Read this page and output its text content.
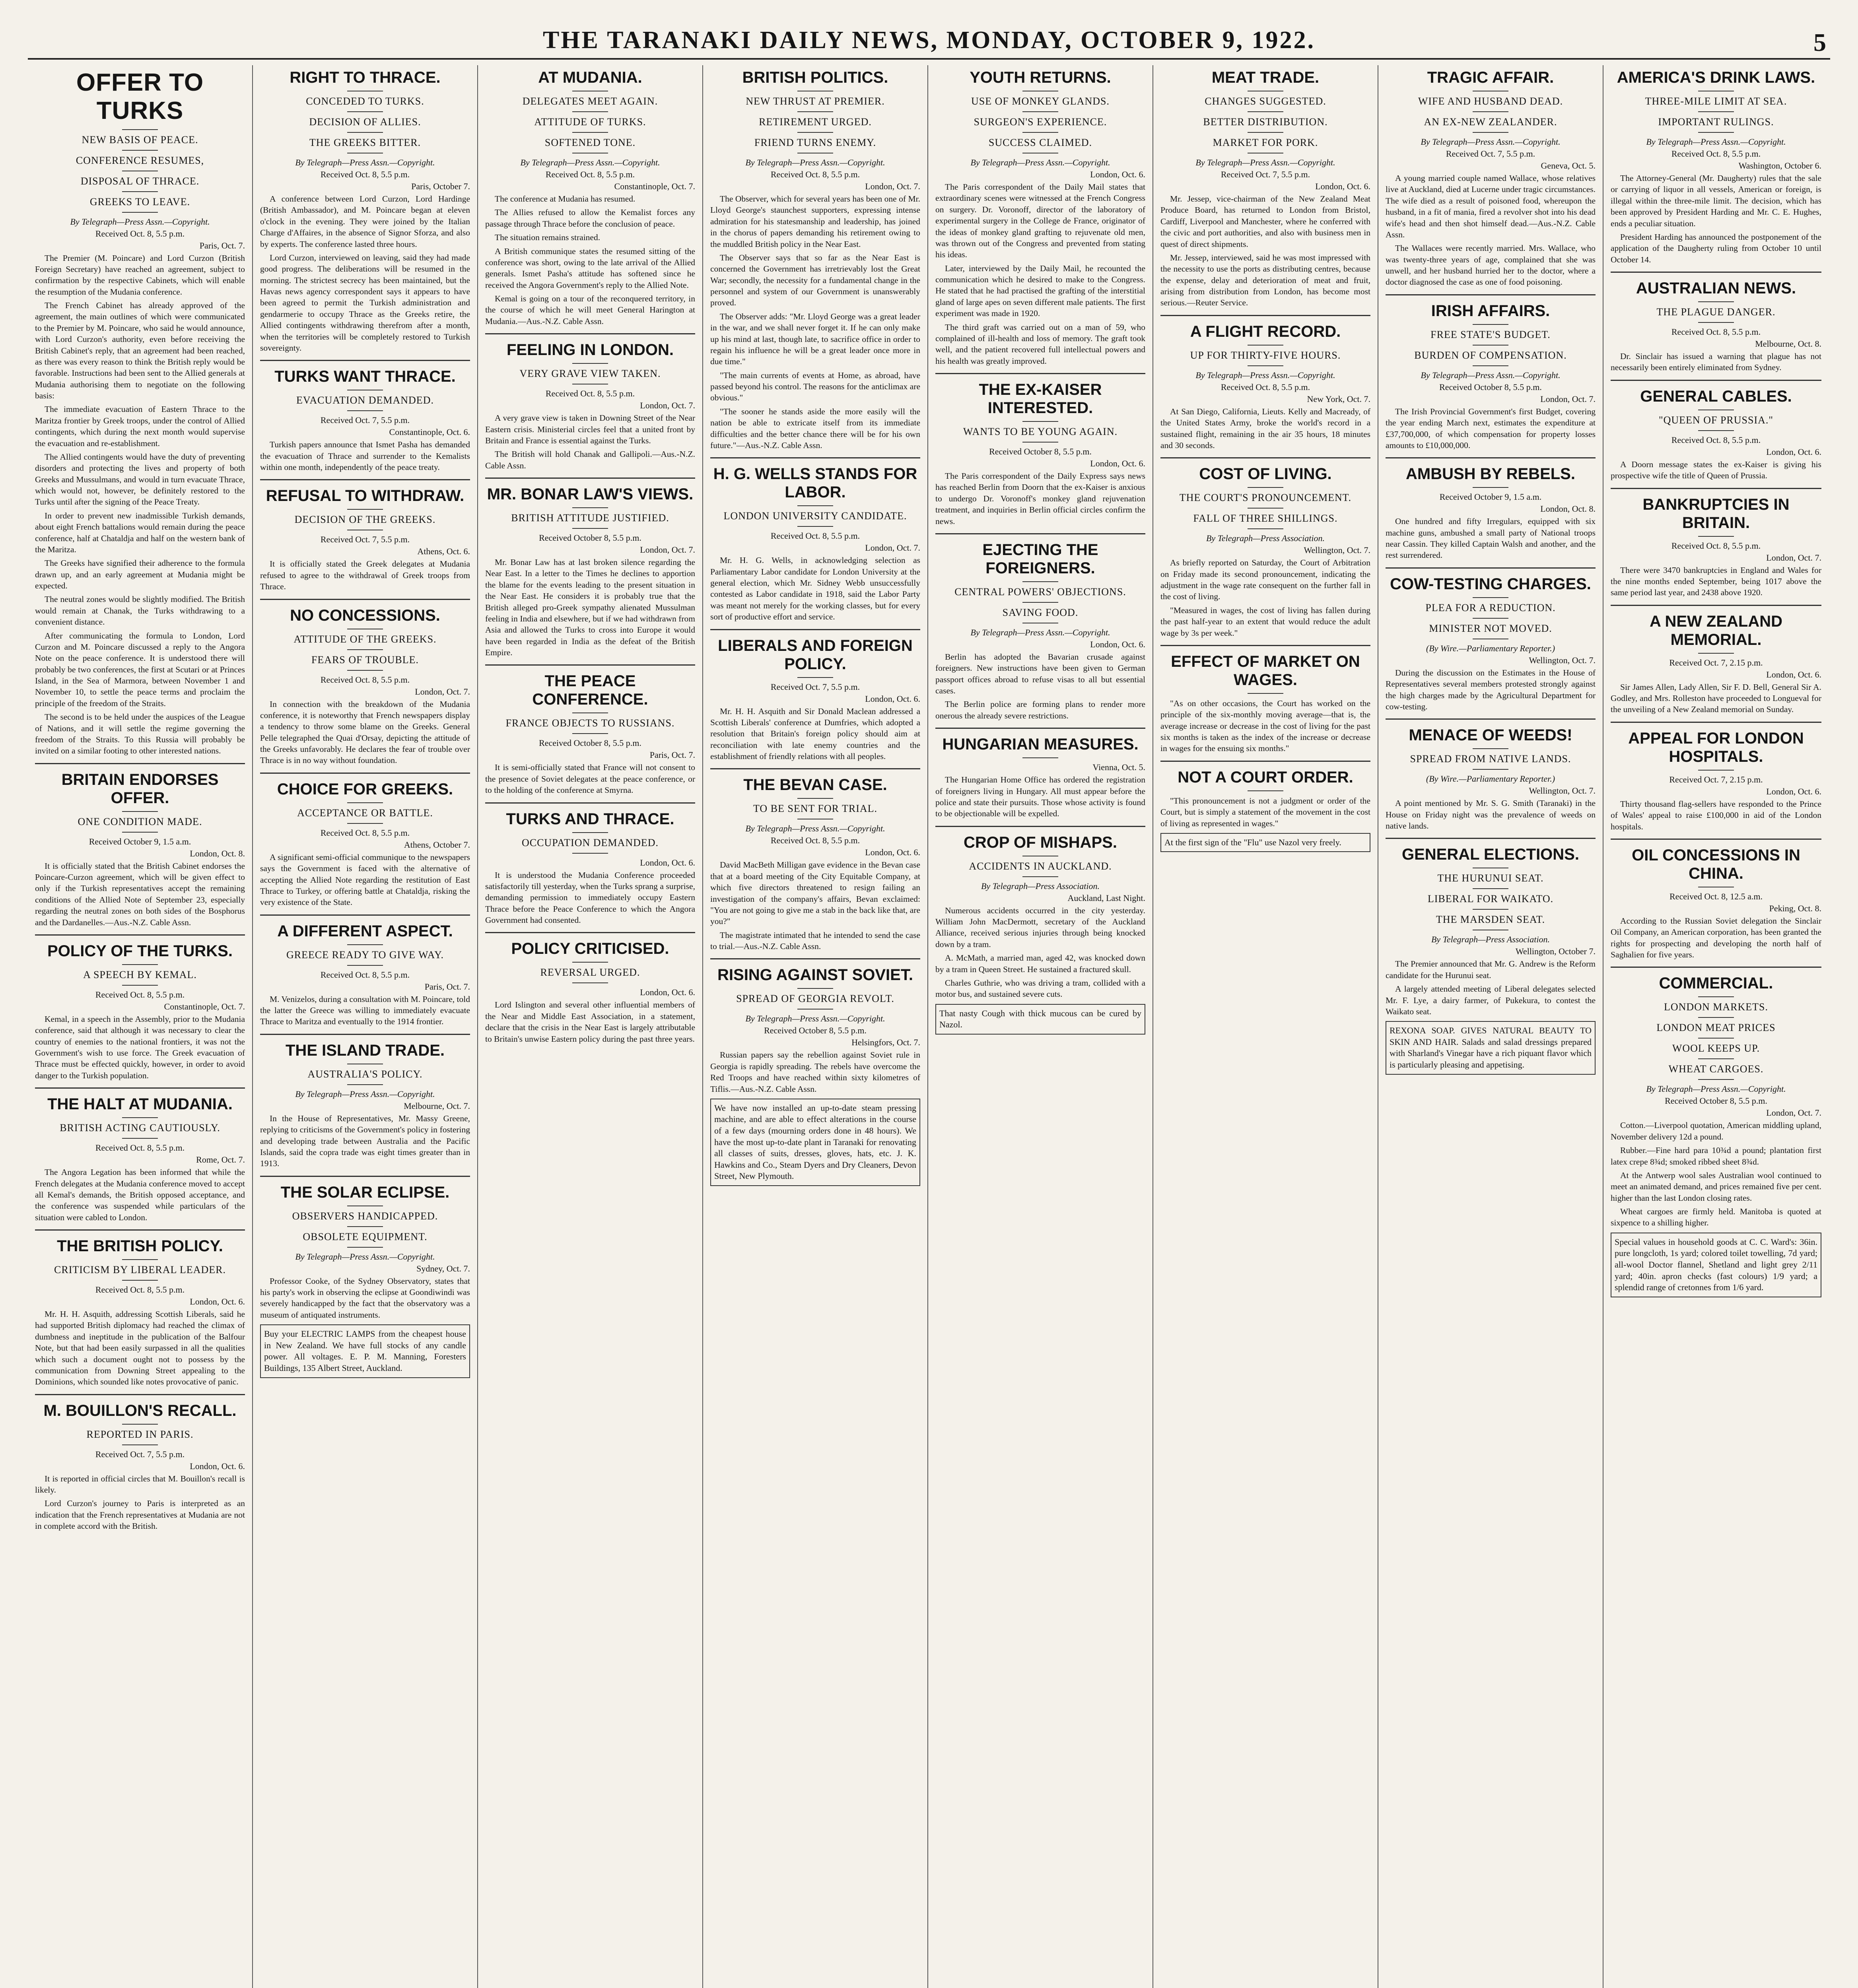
THE TARANAKI DAILY NEWS, MONDAY, OCTOBER 9, 1922.	5
OFFER TO TURKS
NEW BASIS OF PEACE.
CONFERENCE RESUMES,
DISPOSAL OF THRACE.
GREEKS TO LEAVE.
By Telegraph—Press Assn.—Copyright.
Received Oct. 8, 5.5 p.m.
Paris, Oct. 7.

The Premier (M. Poincare) and Lord Curzon (British Foreign Secretary) have reached an agreement, subject to confirmation by the respective Cabinets, which will enable the resumption of the Mudania conference.

The French Cabinet has already approved of the agreement, the main outlines of which were communicated to the Premier by M. Poincare, who said he would announce, with Lord Curzon's authority, even before receiving the British Cabinet's reply, that an agreement had been reached, as there was every reason to think the British reply would be favorable. Instructions had been sent to the Allied generals at Mudania authorising them to negotiate on the following basis:

The immediate evacuation of Eastern Thrace to the Maritza frontier by Greek troops, under the control of Allied contingents, which during the next month would supervise the evacuation and re-establishment.

The Allied contingents would have the duty of preventing disorders and protecting the lives and property of both Greeks and Mussulmans, and would in turn evacuate Thrace, which would not, however, be definitely restored to the Turks until after the signing of the Peace Treaty.

In order to prevent new inadmissible Turkish demands, about eight French battalions would remain during the peace conference, half at Chataldja and half on the western bank of the Maritza.

The Greeks have signified their adherence to the formula drawn up, and an early agreement at Mudania might be expected.

The neutral zones would be slightly modified. The British would remain at Chanak, the Turks withdrawing to a convenient distance.

After communicating the formula to London, Lord Curzon and M. Poincare discussed a reply to the Angora Note on the peace conference. It is understood there will probably be two conferences, the first at Scutari or at Princes Island, in the Sea of Marmora, between November 1 and November 10, to settle the peace terms and proclaim the principle of the freedom of the Straits.

The second is to be held under the auspices of the League of Nations, and it will settle the regime governing the freedom of the Straits. To this Russia will probably be invited on a similar footing to other interested nations.

BRITAIN ENDORSES OFFER.
ONE CONDITION MADE.
Received October 9, 1.5 a.m.
London, Oct. 8.

It is officially stated that the British Cabinet endorses the Poincare-Curzon agreement, which will be given effect to only if the Turkish representatives accept the remaining conditions of the Allied Note of September 23, especially regarding the neutral zones on both sides of the Bosphorus and the Dardanelles.—Aus.-N.Z. Cable Assn.

POLICY OF THE TURKS.
A SPEECH BY KEMAL.
Received Oct. 8, 5.5 p.m.
Constantinople, Oct. 7.

Kemal, in a speech in the Assembly, prior to the Mudania conference, said that although it was necessary to clear the country of enemies to the national frontiers, it was not the Government's wish to use force. The Greek evacuation of Thrace must be effected quickly, however, in order to avoid danger to the Turkish population.

THE HALT AT MUDANIA.
BRITISH ACTING CAUTIOUSLY.
Received Oct. 8, 5.5 p.m.
Rome, Oct. 7.

The Angora Legation has been informed that while the French delegates at the Mudania conference moved to accept all Kemal's demands, the British opposed acceptance, and the conference was suspended while particulars of the situation were cabled to London.

THE BRITISH POLICY.
CRITICISM BY LIBERAL LEADER.
Received Oct. 8, 5.5 p.m.
London, Oct. 6.

Mr. H. H. Asquith, addressing Scottish Liberals, said he had supported British diplomacy had reached the climax of dumbness and ineptitude in the publication of the Balfour Note, but that had been easily surpassed in all the qualities which such a document ought not to possess by the communication from Downing Street appealing to the Dominions, which sounded like notes provocative of panic.

M. BOUILLON'S RECALL.
REPORTED IN PARIS.
Received Oct. 7, 5.5 p.m.
London, Oct. 6.

It is reported in official circles that M. Bouillon's recall is likely.

Lord Curzon's journey to Paris is interpreted as an indication that the French representatives at Mudania are not in complete accord with the British.

RIGHT TO THRACE.
CONCEDED TO TURKS.
DECISION OF ALLIES.
THE GREEKS BITTER.
By Telegraph—Press Assn.—Copyright.
Received Oct. 8, 5.5 p.m.
Paris, October 7.

A conference between Lord Curzon, Lord Hardinge (British Ambassador), and M. Poincare began at eleven o'clock in the evening. They were joined by the Italian Charge d'Affaires, in the absence of Signor Sforza, and also by experts. The conference lasted three hours.

Lord Curzon, interviewed on leaving, said they had made good progress. The deliberations will be resumed in the morning. The strictest secrecy has been maintained, but the Havas news agency correspondent says it appears to have been agreed to permit the Turkish administration and gendarmerie to occupy Thrace as the Greeks retire, the Allied contingents withdrawing therefrom after a month, when the territories will be completely restored to Turkish sovereignty.

TURKS WANT THRACE.
EVACUATION DEMANDED.
Received Oct. 7, 5.5 p.m.
Constantinople, Oct. 6.

Turkish papers announce that Ismet Pasha has demanded the evacuation of Thrace and surrender to the Kemalists within one month, independently of the peace treaty.

REFUSAL TO WITHDRAW.
DECISION OF THE GREEKS.
Received Oct. 7, 5.5 p.m.
Athens, Oct. 6.

It is officially stated the Greek delegates at Mudania refused to agree to the withdrawal of Greek troops from Thrace.

NO CONCESSIONS.
ATTITUDE OF THE GREEKS.
FEARS OF TROUBLE.
Received Oct. 8, 5.5 p.m.
London, Oct. 7.

In connection with the breakdown of the Mudania conference, it is noteworthy that French newspapers display a tendency to throw some blame on the Greeks. General Pelle telegraphed the Quai d'Orsay, depicting the attitude of the Greeks unfavorably. He declares the fear of trouble over Thrace is in no way without foundation.

CHOICE FOR GREEKS.
ACCEPTANCE OR BATTLE.
Received Oct. 8, 5.5 p.m.
Athens, October 7.

A significant semi-official communique to the newspapers says the Government is faced with the alternative of accepting the Allied Note regarding the restitution of East Thrace to Turkey, or offering battle at Chataldja, risking the very existence of the State.

A DIFFERENT ASPECT.
GREECE READY TO GIVE WAY.
Received Oct. 8, 5.5 p.m.
Paris, Oct. 7.

M. Venizelos, during a consultation with M. Poincare, told the latter the Greece was willing to immediately evacuate Thrace to Maritza and eventually to the 1914 frontier.

THE ISLAND TRADE.
AUSTRALIA'S POLICY.
By Telegraph—Press Assn.—Copyright.
Melbourne, Oct. 7.

In the House of Representatives, Mr. Massy Greene, replying to criticisms of the Government's policy in fostering and developing trade between Australia and the Pacific Islands, said the copra trade was eight times greater than in 1913.

THE SOLAR ECLIPSE.
OBSERVERS HANDICAPPED.
OBSOLETE EQUIPMENT.
By Telegraph—Press Assn.—Copyright.
Sydney, Oct. 7.

Professor Cooke, of the Sydney Observatory, states that his party's work in observing the eclipse at Goondiwindi was severely handicapped by the fact that the observatory was a museum of antiquated instruments.

Buy your ELECTRIC LAMPS from the cheapest house in New Zealand. We have full stocks of any candle power. All voltages. E. P. M. Manning, Foresters Buildings, 135 Albert Street, Auckland.
AT MUDANIA.
DELEGATES MEET AGAIN.
ATTITUDE OF TURKS.
SOFTENED TONE.
By Telegraph—Press Assn.—Copyright.
Received Oct. 8, 5.5 p.m.
Constantinople, Oct. 7.

The conference at Mudania has resumed.

The Allies refused to allow the Kemalist forces any passage through Thrace before the conclusion of peace.

The situation remains strained.

A British communique states the resumed sitting of the conference was short, owing to the late arrival of the Allied generals. Ismet Pasha's attitude has softened since he received the Angora Government's reply to the Allied Note.

Kemal is going on a tour of the reconquered territory, in the course of which he will meet General Harington at Mudania.—Aus.-N.Z. Cable Assn.

FEELING IN LONDON.
VERY GRAVE VIEW TAKEN.
Received Oct. 8, 5.5 p.m.
London, Oct. 7.

A very grave view is taken in Downing Street of the Near Eastern crisis. Ministerial circles feel that a united front by Britain and France is essential against the Turks.

The British will hold Chanak and Gallipoli.—Aus.-N.Z. Cable Assn.

MR. BONAR LAW'S VIEWS.
BRITISH ATTITUDE JUSTIFIED.
Received October 8, 5.5 p.m.
London, Oct. 7.

Mr. Bonar Law has at last broken silence regarding the Near East. In a letter to the Times he declines to apportion the blame for the events leading to the present situation in the Near East. He considers it is probably true that the British alleged pro-Greek sympathy alienated Mussulman feeling in India and elsewhere, but if we had withdrawn from Asia and allowed the Turks to cross into Europe it would have been regarded in India as the defeat of the British Empire.

THE PEACE CONFERENCE.
FRANCE OBJECTS TO RUSSIANS.
Received October 8, 5.5 p.m.
Paris, Oct. 7.

It is semi-officially stated that France will not consent to the presence of Soviet delegates at the peace conference, or to the holding of the conference at Smyrna.

TURKS AND THRACE.
OCCUPATION DEMANDED.
London, Oct. 6.

It is understood the Mudania Conference proceeded satisfactorily till yesterday, when the Turks sprang a surprise, demanding permission to immediately occupy Eastern Thrace before the Peace Conference to which the Angora Government had consented.

POLICY CRITICISED.
REVERSAL URGED.
London, Oct. 6.

Lord Islington and several other influential members of the Near and Middle East Association, in a statement, declare that the crisis in the Near East is largely attributable to Britain's unwise Eastern policy during the past three years.

BRITISH POLITICS.
NEW THRUST AT PREMIER.
RETIREMENT URGED.
FRIEND TURNS ENEMY.
By Telegraph—Press Assn.—Copyright.
Received Oct. 8, 5.5 p.m.
London, Oct. 7.

The Observer, which for several years has been one of Mr. Lloyd George's staunchest supporters, expressing intense admiration for his statesmanship and leadership, has joined in the chorus of papers demanding his retirement owing to the muddled British policy in the Near East.

The Observer says that so far as the Near East is concerned the Government has irretrievably lost the Great War; secondly, the necessity for a fundamental change in the personnel and system of our Government is unanswerably proved.

The Observer adds: "Mr. Lloyd George was a great leader in the war, and we shall never forget it. If he can only make up his mind at last, though late, to sacrifice office in order to regain his influence he will be a great leader once more in due time."

"The main currents of events at Home, as abroad, have passed beyond his control. The reasons for the anticlimax are obvious."

"The sooner he stands aside the more easily will the nation be able to extricate itself from its immediate difficulties and the better chance there will be for his own future."—Aus.-N.Z. Cable Assn.

H. G. WELLS STANDS FOR LABOR.
LONDON UNIVERSITY CANDIDATE.
Received Oct. 8, 5.5 p.m.
London, Oct. 7.

Mr. H. G. Wells, in acknowledging selection as Parliamentary Labor candidate for London University at the general election, which Mr. Sidney Webb unsuccessfully contested as Labor candidate in 1918, said the Labor Party was meant not merely for the working classes, but for every sort of productive effort and service.

LIBERALS AND FOREIGN POLICY.
Received Oct. 7, 5.5 p.m.
London, Oct. 6.

Mr. H. H. Asquith and Sir Donald Maclean addressed a Scottish Liberals' conference at Dumfries, which adopted a resolution that Britain's foreign policy should aim at reconciliation with late enemy countries and the establishment of friendly relations with all peoples.

THE BEVAN CASE.
TO BE SENT FOR TRIAL.
By Telegraph—Press Assn.—Copyright.
Received Oct. 8, 5.5 p.m.
London, Oct. 6.

David MacBeth Milligan gave evidence in the Bevan case that at a board meeting of the City Equitable Company, at which five directors threatened to resign failing an investigation of the company's affairs, Bevan exclaimed: "You are not going to give me a stab in the back like that, are you?"

The magistrate intimated that he intended to send the case to trial.—Aus.-N.Z. Cable Assn.

RISING AGAINST SOVIET.
SPREAD OF GEORGIA REVOLT.
By Telegraph—Press Assn.—Copyright.
Received October 8, 5.5 p.m.
Helsingfors, Oct. 7.

Russian papers say the rebellion against Soviet rule in Georgia is rapidly spreading. The rebels have overcome the Red Troops and have reached within sixty kilometres of Tiflis.—Aus.-N.Z. Cable Assn.

We have now installed an up-to-date steam pressing machine, and are able to effect alterations in the course of a few days (mourning orders done in 48 hours). We have the most up-to-date plant in Taranaki for renovating all classes of suits, dresses, gloves, hats, etc. J. K. Hawkins and Co., Steam Dyers and Dry Cleaners, Devon Street, New Plymouth.
YOUTH RETURNS.
USE OF MONKEY GLANDS.
SURGEON'S EXPERIENCE.
SUCCESS CLAIMED.
By Telegraph—Press Assn.—Copyright.
London, Oct. 6.

The Paris correspondent of the Daily Mail states that extraordinary scenes were witnessed at the French Congress on surgery. Dr. Voronoff, director of the laboratory of experimental surgery in the College de France, originator of the ideas of monkey gland grafting to rejuvenate old men, was thrown out of the Congress and prevented from stating his ideas.

Later, interviewed by the Daily Mail, he recounted the communication which he desired to make to the Congress. He stated that he had practised the grafting of the interstitial gland of large apes on seven different male patients. The first experiment was made in 1920.

The third graft was carried out on a man of 59, who complained of ill-health and loss of memory. The graft took well, and the patient recovered full intellectual powers and his health was greatly improved.

THE EX-KAISER INTERESTED.
WANTS TO BE YOUNG AGAIN.
Received October 8, 5.5 p.m.
London, Oct. 6.

The Paris correspondent of the Daily Express says news has reached Berlin from Doorn that the ex-Kaiser is anxious to undergo Dr. Voronoff's monkey gland rejuvenation treatment, and inquiries in Berlin official circles confirm the news.

EJECTING THE FOREIGNERS.
CENTRAL POWERS' OBJECTIONS.
SAVING FOOD.
By Telegraph—Press Assn.—Copyright.
London, Oct. 6.

Berlin has adopted the Bavarian crusade against foreigners. New instructions have been given to German passport offices abroad to refuse visas to all but essential cases.

The Berlin police are forming plans to render more onerous the already severe restrictions.

HUNGARIAN MEASURES.
Vienna, Oct. 5.

The Hungarian Home Office has ordered the registration of foreigners living in Hungary. All must appear before the police and state their pursuits. Those whose activity is found to be objectionable will be expelled.

CROP OF MISHAPS.
ACCIDENTS IN AUCKLAND.
By Telegraph—Press Association.
Auckland, Last Night.

Numerous accidents occurred in the city yesterday. William John MacDermott, secretary of the Auckland Alliance, received serious injuries through being knocked down by a tram.

A. McMath, a married man, aged 42, was knocked down by a tram in Queen Street. He sustained a fractured skull.

Charles Guthrie, who was driving a tram, collided with a motor bus, and sustained severe cuts.

That nasty Cough with thick mucous can be cured by Nazol.
MEAT TRADE.
CHANGES SUGGESTED.
BETTER DISTRIBUTION.
MARKET FOR PORK.
By Telegraph—Press Assn.—Copyright.
Received Oct. 7, 5.5 p.m.
London, Oct. 6.

Mr. Jessep, vice-chairman of the New Zealand Meat Produce Board, has returned to London from Bristol, Cardiff, Liverpool and Manchester, where he conferred with the civic and port authorities, and also with business men in quest of direct shipments.

Mr. Jessep, interviewed, said he was most impressed with the necessity to use the ports as distributing centres, because the expense, delay and deterioration of meat and fruit, arising from distribution from London, has become most serious.—Reuter Service.

A FLIGHT RECORD.
UP FOR THIRTY-FIVE HOURS.
By Telegraph—Press Assn.—Copyright.
Received Oct. 8, 5.5 p.m.
New York, Oct. 7.

At San Diego, California, Lieuts. Kelly and Macready, of the United States Army, broke the world's record in a sustained flight, remaining in the air 35 hours, 18 minutes and 30 seconds.

COST OF LIVING.
THE COURT'S PRONOUNCEMENT.
FALL OF THREE SHILLINGS.
By Telegraph—Press Association.
Wellington, Oct. 7.

As briefly reported on Saturday, the Court of Arbitration on Friday made its second pronouncement, indicating the adjustment in the wage rate consequent on the further fall in the cost of living.

"Measured in wages, the cost of living has fallen during the past half-year to an extent that would reduce the adult wage by 3s per week."

EFFECT OF MARKET ON WAGES.

"As on other occasions, the Court has worked on the principle of the six-monthly moving average—that is, the average increase or decrease in the cost of living for the past six months is taken as the index of the increase or decrease in wages for the ensuing six months."

NOT A COURT ORDER.

"This pronouncement is not a judgment or order of the Court, but is simply a statement of the movement in the cost of living as represented in wages."

At the first sign of the "Flu" use Nazol very freely.
TRAGIC AFFAIR.
WIFE AND HUSBAND DEAD.
AN EX-NEW ZEALANDER.
By Telegraph—Press Assn.—Copyright.
Received Oct. 7, 5.5 p.m.
Geneva, Oct. 5.

A young married couple named Wallace, whose relatives live at Auckland, died at Lucerne under tragic circumstances. The wife died as a result of poisoned food, whereupon the husband, in a fit of mania, fired a revolver shot into his dead wife's head and then shot himself dead.—Aus.-N.Z. Cable Assn.

The Wallaces were recently married. Mrs. Wallace, who was twenty-three years of age, complained that she was unwell, and her husband hurried her to the doctor, where a doctor diagnosed the case as one of food poisoning.

IRISH AFFAIRS.
FREE STATE'S BUDGET.
BURDEN OF COMPENSATION.
By Telegraph—Press Assn.—Copyright.
Received October 8, 5.5 p.m.
London, Oct. 7.

The Irish Provincial Government's first Budget, covering the year ending March next, estimates the expenditure at £37,700,000, of which compensation for property losses amounts to £10,000,000.

AMBUSH BY REBELS.
Received October 9, 1.5 a.m.
London, Oct. 8.

One hundred and fifty Irregulars, equipped with six machine guns, ambushed a small party of National troops near Cassin. They killed Captain Walsh and another, and the rest surrendered.

COW-TESTING CHARGES.
PLEA FOR A REDUCTION.
MINISTER NOT MOVED.
(By Wire.—Parliamentary Reporter.)
Wellington, Oct. 7.

During the discussion on the Estimates in the House of Representatives several members protested strongly against the high charges made by the Agricultural Department for cow-testing.

MENACE OF WEEDS!
SPREAD FROM NATIVE LANDS.
(By Wire.—Parliamentary Reporter.)
Wellington, Oct. 7.

A point mentioned by Mr. S. G. Smith (Taranaki) in the House on Friday night was the prevalence of weeds on native lands.

GENERAL ELECTIONS.
THE HURUNUI SEAT.
LIBERAL FOR WAIKATO.
THE MARSDEN SEAT.
By Telegraph—Press Association.
Wellington, October 7.

The Premier announced that Mr. G. Andrew is the Reform candidate for the Hurunui seat.

A largely attended meeting of Liberal delegates selected Mr. F. Lye, a dairy farmer, of Pukekura, to contest the Waikato seat.

REXONA SOAP. GIVES NATURAL BEAUTY TO SKIN AND HAIR. Salads and salad dressings prepared with Sharland's Vinegar have a rich piquant flavor which is particularly pleasing and appetising.
AMERICA'S DRINK LAWS.
THREE-MILE LIMIT AT SEA.
IMPORTANT RULINGS.
By Telegraph—Press Assn.—Copyright.
Received Oct. 8, 5.5 p.m.
Washington, October 6.

The Attorney-General (Mr. Daugherty) rules that the sale or carrying of liquor in all vessels, American or foreign, is illegal within the three-mile limit. The decision, which has been approved by President Harding and Mr. C. E. Hughes, ends a peculiar situation.

President Harding has announced the postponement of the application of the Daugherty ruling from October 10 until October 14.

AUSTRALIAN NEWS.
THE PLAGUE DANGER.
Received Oct. 8, 5.5 p.m.
Melbourne, Oct. 8.

Dr. Sinclair has issued a warning that plague has not necessarily been entirely eliminated from Sydney.

GENERAL CABLES.
"QUEEN OF PRUSSIA."
Received Oct. 8, 5.5 p.m.
London, Oct. 6.

A Doorn message states the ex-Kaiser is giving his prospective wife the title of Queen of Prussia.

BANKRUPTCIES IN BRITAIN.
Received Oct. 8, 5.5 p.m.
London, Oct. 7.

There were 3470 bankruptcies in England and Wales for the nine months ended September, being 1017 above the same period last year, and 2438 above 1920.

A NEW ZEALAND MEMORIAL.
Received Oct. 7, 2.15 p.m.
London, Oct. 6.

Sir James Allen, Lady Allen, Sir F. D. Bell, General Sir A. Godley, and Mrs. Rolleston have proceeded to Longueval for the unveiling of a New Zealand memorial on Sunday.

APPEAL FOR LONDON HOSPITALS.
Received Oct. 7, 2.15 p.m.
London, Oct. 6.

Thirty thousand flag-sellers have responded to the Prince of Wales' appeal to raise £100,000 in aid of the London hospitals.

OIL CONCESSIONS IN CHINA.
Received Oct. 8, 12.5 a.m.
Peking, Oct. 8.

According to the Russian Soviet delegation the Sinclair Oil Company, an American corporation, has been granted the rights for prospecting and developing the north half of Saghalien for five years.

COMMERCIAL.
LONDON MARKETS.
LONDON MEAT PRICES
WOOL KEEPS UP.
WHEAT CARGOES.
By Telegraph—Press Assn.—Copyright.
Received October 8, 5.5 p.m.
London, Oct. 7.

Cotton.—Liverpool quotation, American middling upland, November delivery 12d a pound.

Rubber.—Fine hard para 10¾d a pound; plantation first latex crepe 8¾d; smoked ribbed sheet 8¾d.

At the Antwerp wool sales Australian wool continued to meet an animated demand, and prices remained five per cent. higher than the last London closing rates.

Wheat cargoes are firmly held. Manitoba is quoted at sixpence to a shilling higher.

Special values in household goods at C. C. Ward's: 36in. pure longcloth, 1s yard; colored toilet towelling, 7d yard; all-wool Doctor flannel, Shetland and light grey 2/11 yard; 40in. apron checks (fast colours) 1/9 yard; a splendid range of cretonnes from 1/6 yard.
